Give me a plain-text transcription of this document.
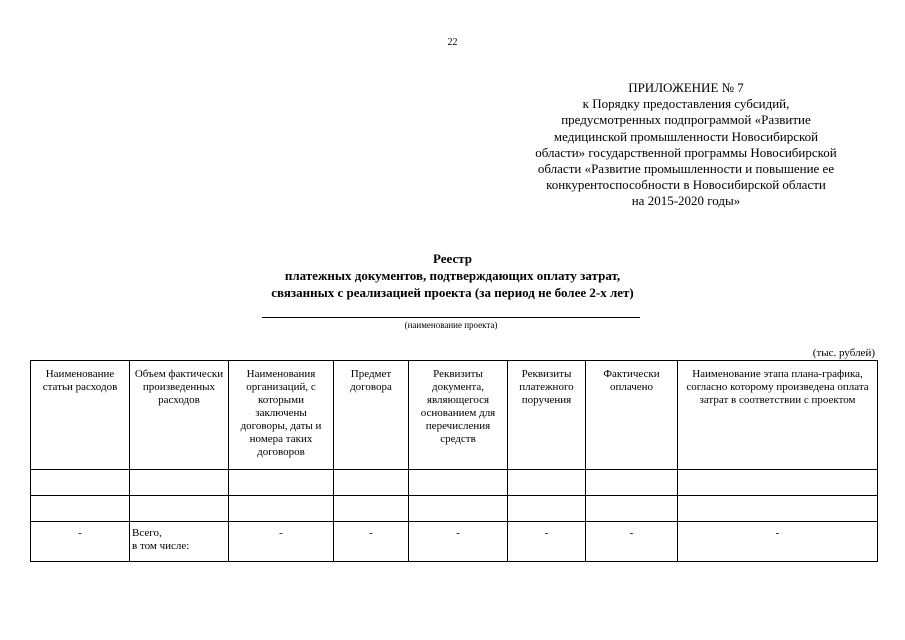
22
ПРИЛОЖЕНИЕ № 7
к Порядку предоставления субсидий,
предусмотренных подпрограммой «Развитие
медицинской промышленности Новосибирской
области» государственной программы Новосибирской
области «Развитие промышленности и повышение ее
конкурентоспособности в Новосибирской области
на 2015-2020 годы»
Реестр
платежных документов, подтверждающих оплату затрат,
связанных с реализацией проекта (за период не более 2-х лет)
(наименование проекта)
(тыс. рублей)
Наименование статьи расходов	Объем фактически произведенных расходов	Наименования организаций, с которыми заключены договоры, даты и номера таких договоров	Предмет договора	Реквизиты документа, являющегося основанием для перечисления средств	Реквизиты платежного поручения	Фактически оплачено	Наименование этапа плана-графика, согласно которому произведена оплата затрат в соответствии с проектом

-	Всего,
в том числе:	-	-	-	-	-	-
